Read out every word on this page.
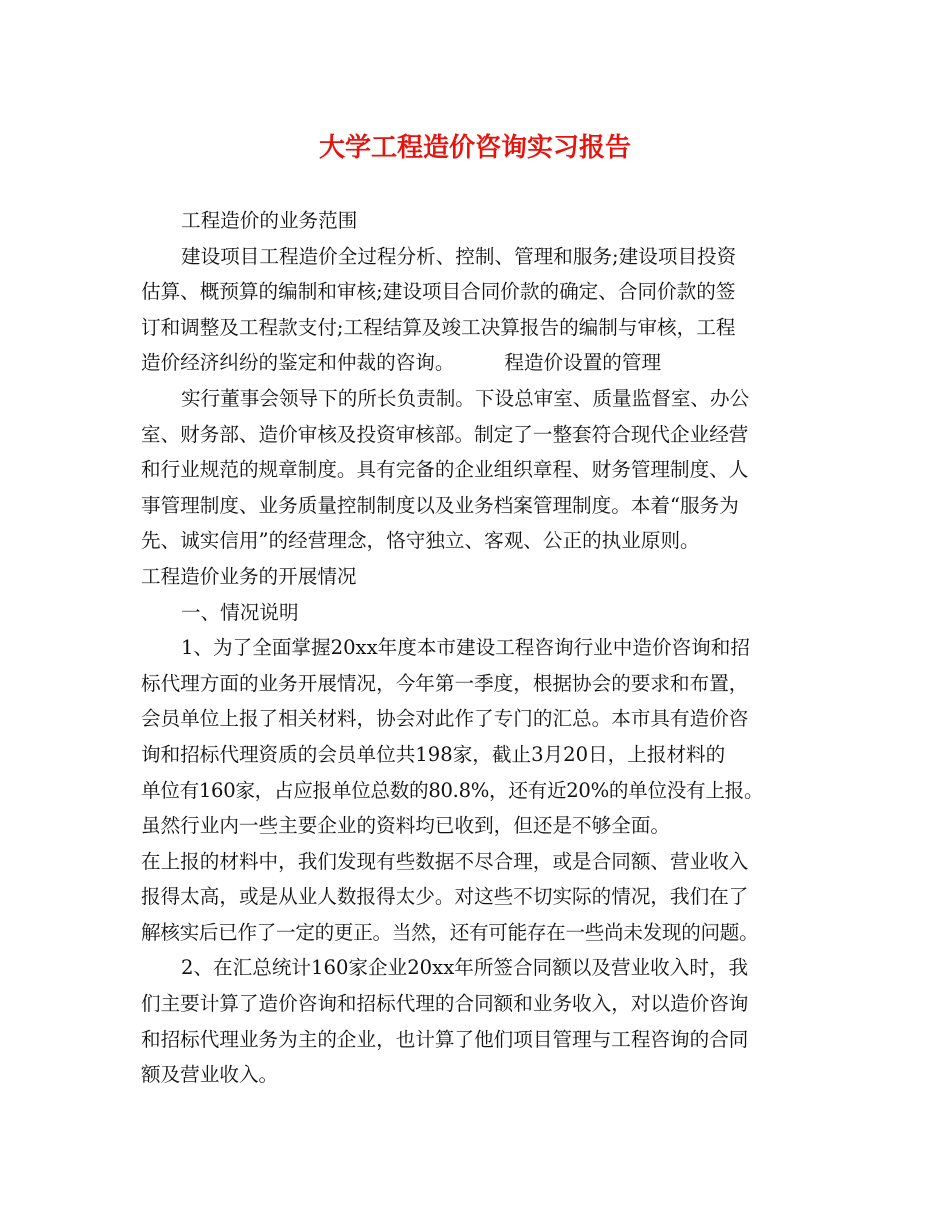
大学工程造价咨询实习报告
工程造价的业务范围
建设项目工程造价全过程分析、控制、管理和服务;建设项目投资
估算、概预算的编制和审核;建设项目合同价款的确定、合同价款的签
订和调整及工程款支付;工程结算及竣工决算报告的编制与审核，工程
造价经济纠纷的鉴定和仲裁的咨询。        程造价设置的管理
实行董事会领导下的所长负责制。下设总审室、质量监督室、办公
室、财务部、造价审核及投资审核部。制定了一整套符合现代企业经营
和行业规范的规章制度。具有完备的企业组织章程、财务管理制度、人
事管理制度、业务质量控制制度以及业务档案管理制度。本着“服务为
先、诚实信用”的经营理念，恪守独立、客观、公正的执业原则。
工程造价业务的开展情况
一、情况说明
1、为了全面掌握20xx年度本市建设工程咨询行业中造价咨询和招
标代理方面的业务开展情况，今年第一季度，根据协会的要求和布置，
会员单位上报了相关材料，协会对此作了专门的汇总。本市具有造价咨
询和招标代理资质的会员单位共198家，截止3月20日，上报材料的
单位有160家，占应报单位总数的80.8%，还有近20%的单位没有上报。
虽然行业内一些主要企业的资料均已收到，但还是不够全面。
在上报的材料中，我们发现有些数据不尽合理，或是合同额、营业收入
报得太高，或是从业人数报得太少。对这些不切实际的情况，我们在了
解核实后已作了一定的更正。当然，还有可能存在一些尚未发现的问题。
2、在汇总统计160家企业20xx年所签合同额以及营业收入时，我
们主要计算了造价咨询和招标代理的合同额和业务收入，对以造价咨询
和招标代理业务为主的企业，也计算了他们项目管理与工程咨询的合同
额及营业收入。
